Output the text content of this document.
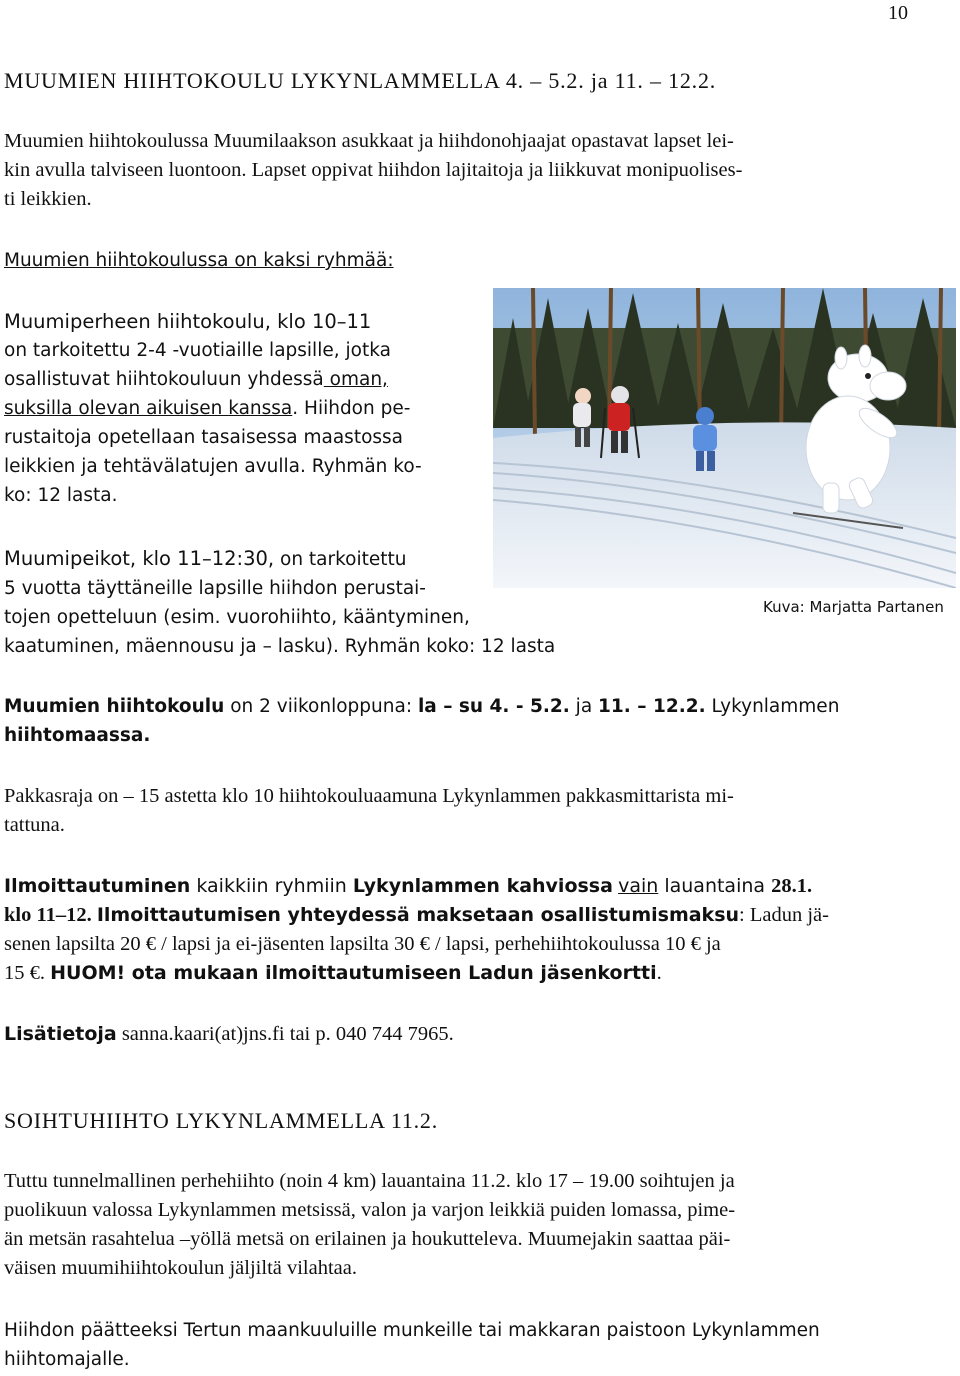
10
MUUMIEN HIIHTOKOULU LYKYNLAMMELLA 4. – 5.2. ja 11. – 12.2.
Muumien hiihtokoulussa Muumilaakson asukkaat ja hiihdonohjaajat opastavat lapset lei-
kin avulla talviseen luontoon. Lapset oppivat hiihdon lajitaitoja ja liikkuvat monipuolises-
ti leikkien.
Muumien hiihtokoulussa on kaksi ryhmää:
Muumiperheen hiihtokoulu, klo 10–11
on tarkoitettu 2-4 -vuotiaille lapsille, jotka
osallistuvat hiihtokouluun yhdessä oman,
suksilla olevan aikuisen kanssa. Hiihdon pe-
rustaitoja opetellaan tasaisessa maastossa
leikkien ja tehtävälatujen avulla. Ryhmän ko-
ko: 12 lasta.
Muumipeikot, klo 11–12:30, on tarkoitettu
5 vuotta täyttäneille lapsille hiihdon perustai-
tojen opetteluun (esim. vuorohiihto, kääntyminen,
kaatuminen, mäennousu ja – lasku). Ryhmän koko: 12 lasta
Kuva: Marjatta Partanen
Muumien hiihtokoulu on 2 viikonloppuna: la – su 4. - 5.2. ja 11. – 12.2. Lykynlammen
hiihtomaassa.
Pakkasraja on – 15 astetta klo 10 hiihtokouluaamuna Lykynlammen pakkasmittarista mi-
tattuna.
Ilmoittautuminen kaikkiin ryhmiin Lykynlammen kahviossa vain lauantaina 28.1.
klo 11–12. Ilmoittautumisen yhteydessä maksetaan osallistumismaksu: Ladun jä-
senen lapsilta 20 € / lapsi ja ei-jäsenten lapsilta 30 € / lapsi, perhehiihtokoulussa 10 € ja
15 €. HUOM! ota mukaan ilmoittautumiseen Ladun jäsenkortti.
Lisätietoja sanna.kaari(at)jns.fi tai p. 040 744 7965.
SOIHTUHIIHTO LYKYNLAMMELLA 11.2.
Tuttu tunnelmallinen perhehiihto (noin 4 km) lauantaina 11.2. klo 17 – 19.00 soihtujen ja
puolikuun valossa Lykynlammen metsissä, valon ja varjon leikkiä puiden lomassa, pime-
än metsän rasahtelua –yöllä metsä on erilainen ja houkutteleva. Muumejakin saattaa päi-
väisen muumihiihtokoulun jäljiltä vilahtaa.
Hiihdon päätteeksi Tertun maankuuluille munkeille tai makkaran paistoon Lykynlammen
hiihtomajalle.
